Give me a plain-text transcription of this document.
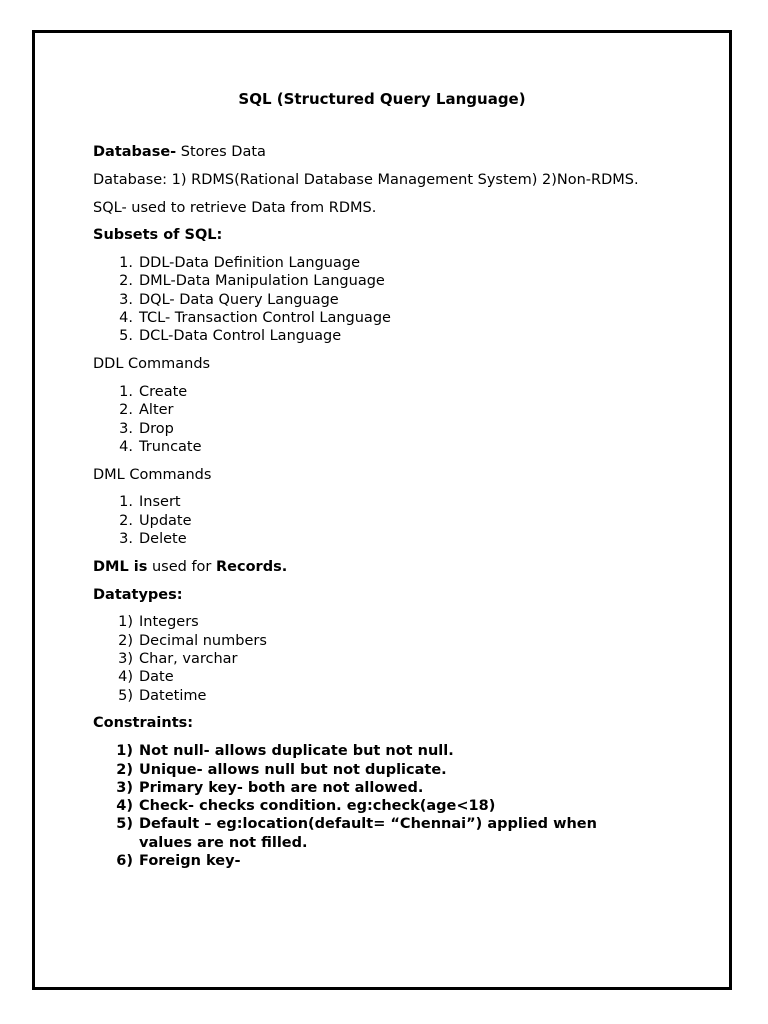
SQL (Structured Query Language)

Database- Stores Data

Database: 1) RDMS(Rational Database Management System) 2)Non-RDMS.

SQL- used to retrieve Data from RDMS.

Subsets of SQL:

1. DDL-Data Definition Language
2. DML-Data Manipulation Language
3. DQL- Data Query Language
4. TCL- Transaction Control Language
5. DCL-Data Control Language

DDL Commands

1. Create
2. Alter
3. Drop
4. Truncate

DML Commands

1. Insert
2. Update
3. Delete

DML is used for Records.

Datatypes:

1) Integers
2) Decimal numbers
3) Char, varchar
4) Date
5) Datetime

Constraints:

1) Not null- allows duplicate but not null.
2) Unique- allows null but not duplicate.
3) Primary key- both are not allowed.
4) Check- checks condition. eg:check(age<18)
5) Default – eg:location(default= “Chennai”) applied when values are not filled.
6) Foreign key-
